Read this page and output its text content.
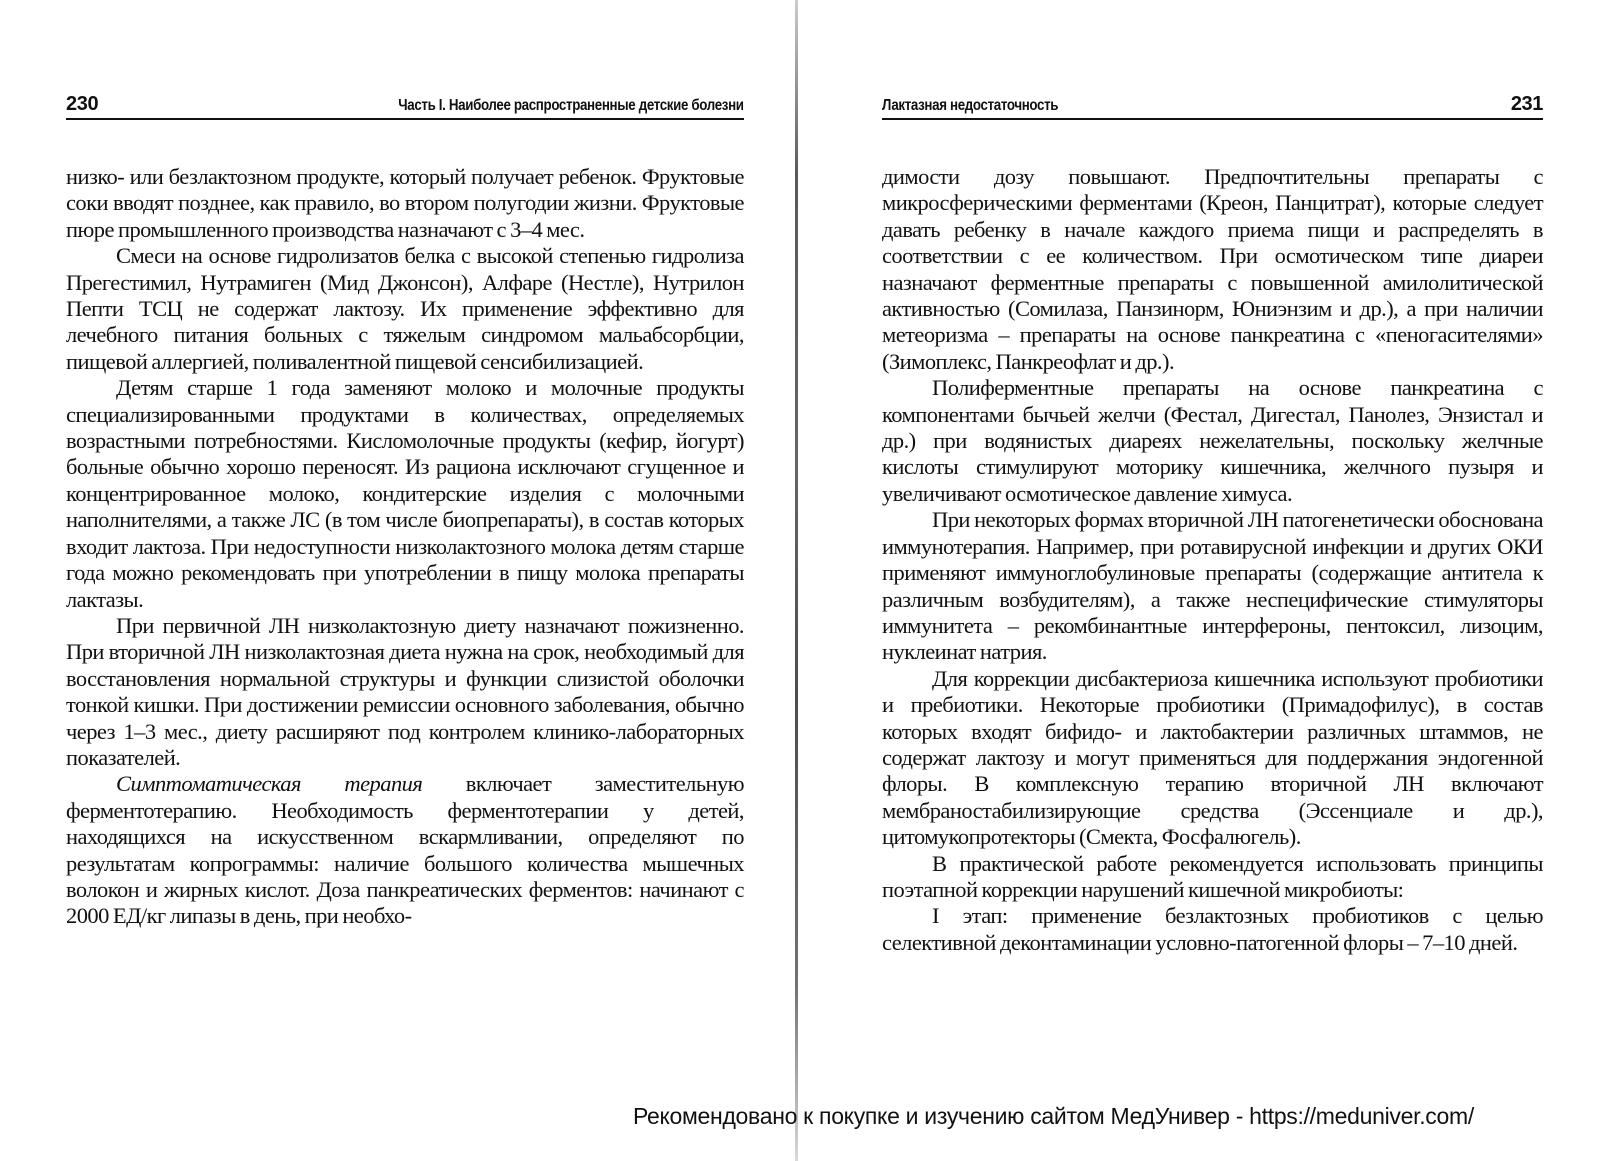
230	Часть I. Наиболее распространенные детские болезни

низко- или безлактозном продукте, который получает ребенок. Фруктовые соки вводят позднее, как правило, во втором полугодии жизни. Фруктовые пюре промышленного производства назначают с 3–4 мес.

Смеси на основе гидролизатов белка с высокой степенью гидролиза Прегестимил, Нутрамиген (Мид Джонсон), Алфаре (Нестле), Нутрилон Пепти ТСЦ не содержат лактозу. Их применение эффективно для лечебного питания больных с тяжелым синдромом мальабсорбции, пищевой аллергией, поливалентной пищевой сенсибилизацией.

Детям старше 1 года заменяют молоко и молочные продукты специализированными продуктами в количествах, определяемых возрастными потребностями. Кисломолочные продукты (кефир, йогурт) больные обычно хорошо переносят. Из рациона исключают сгущенное и концентрированное молоко, кондитерские изделия с молочными наполнителями, а также ЛС (в том числе биопрепараты), в состав которых входит лактоза. При недоступности низколактозного молока детям старше года можно рекомендовать при употреблении в пищу молока препараты лактазы.

При первичной ЛН низколактозную диету назначают пожизненно. При вторичной ЛН низколактозная диета нужна на срок, необходимый для восстановления нормальной структуры и функции слизистой оболочки тонкой кишки. При достижении ремиссии основного заболевания, обычно через 1–3 мес., диету расширяют под контролем клинико-лабораторных показателей.

Симптоматическая терапия включает заместительную ферментотерапию. Необходимость ферментотерапии у детей, находящихся на искусственном вскармливании, определяют по результатам копрограммы: наличие большого количества мышечных волокон и жирных кислот. Доза панкреатических ферментов: начинают с 2000 ЕД/кг липазы в день, при необхо-

Лактазная недостаточность	231

димости дозу повышают. Предпочтительны препараты с микросферическими ферментами (Креон, Панцитрат), которые следует давать ребенку в начале каждого приема пищи и распределять в соответствии с ее количеством. При осмотическом типе диареи назначают ферментные препараты с повышенной амилолитической активностью (Сомилаза, Панзинорм, Юниэнзим и др.), а при наличии метеоризма – препараты на основе панкреатина с «пеногасителями» (Зимоплекс, Панкреофлат и др.).

Полиферментные препараты на основе панкреатина с компонентами бычьей желчи (Фестал, Дигестал, Панолез, Энзистал и др.) при водянистых диареях нежелательны, поскольку желчные кислоты стимулируют моторику кишечника, желчного пузыря и увеличивают осмотическое давление химуса.

При некоторых формах вторичной ЛН патогенетически обоснована иммунотерапия. Например, при ротавирусной инфекции и других ОКИ применяют иммуноглобулиновые препараты (содержащие антитела к различным возбудителям), а также неспецифические стимуляторы иммунитета – рекомбинантные интерфероны, пентоксил, лизоцим, нуклеинат натрия.

Для коррекции дисбактериоза кишечника используют пробиотики и пребиотики. Некоторые пробиотики (Примадофилус), в состав которых входят бифидо- и лактобактерии различных штаммов, не содержат лактозу и могут применяться для поддержания эндогенной флоры. В комплексную терапию вторичной ЛН включают мембраностабилизирующие средства (Эссенциале и др.), цитомукопротекторы (Смекта, Фосфалюгель).

В практической работе рекомендуется использовать принципы поэтапной коррекции нарушений кишечной микробиоты:

I этап: применение безлактозных пробиотиков с целью селективной деконтаминации условно-патогенной флоры – 7–10 дней.

Рекомендовано к покупке и изучению сайтом МедУнивер - https://meduniver.com/
